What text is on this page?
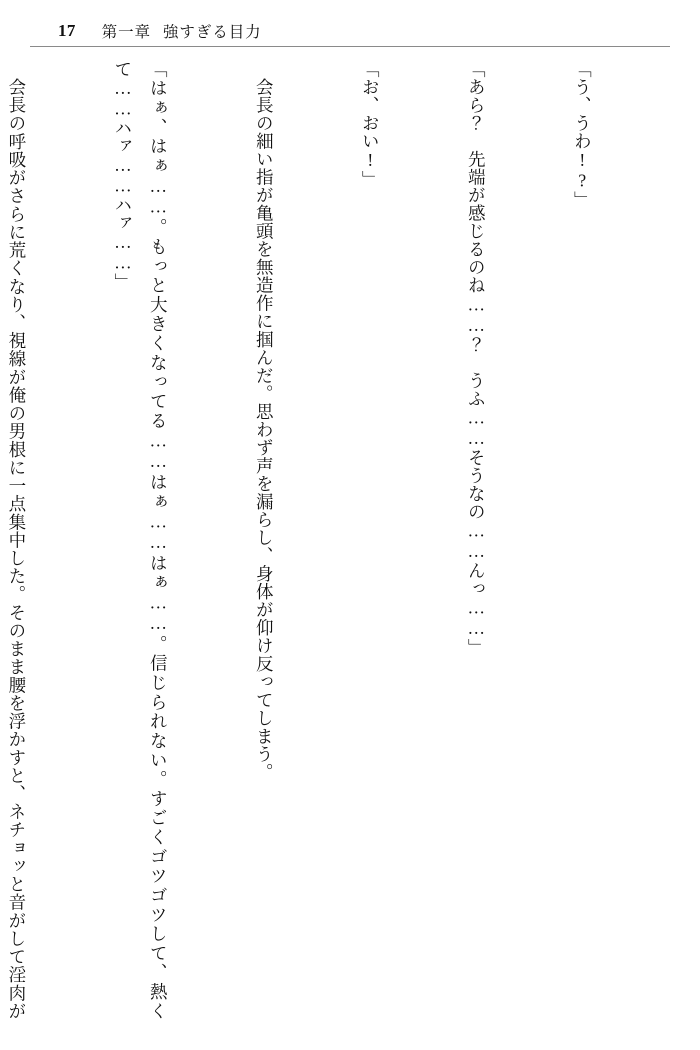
17 第一章 強すぎる目力

「う、うわ!?」

「あら？　先端が感じるのね……？　うふ……そうなの……んっ……」

「お、おい!」

　会長の細い指が亀頭を無造作に掴んだ。思わず声を漏らし、身体が仰け反ってしまう。

「はぁ、はぁ……。もっと大きくなってる……はぁ……はぁ……。信じられない。すごくゴツゴツして、熱くて……ハァ……ハァ……」

　会長の呼吸がさらに荒くなり、視線が俺の男根に一点集中した。そのまま腰を浮かすと、ネチョッと音がして淫肉が
